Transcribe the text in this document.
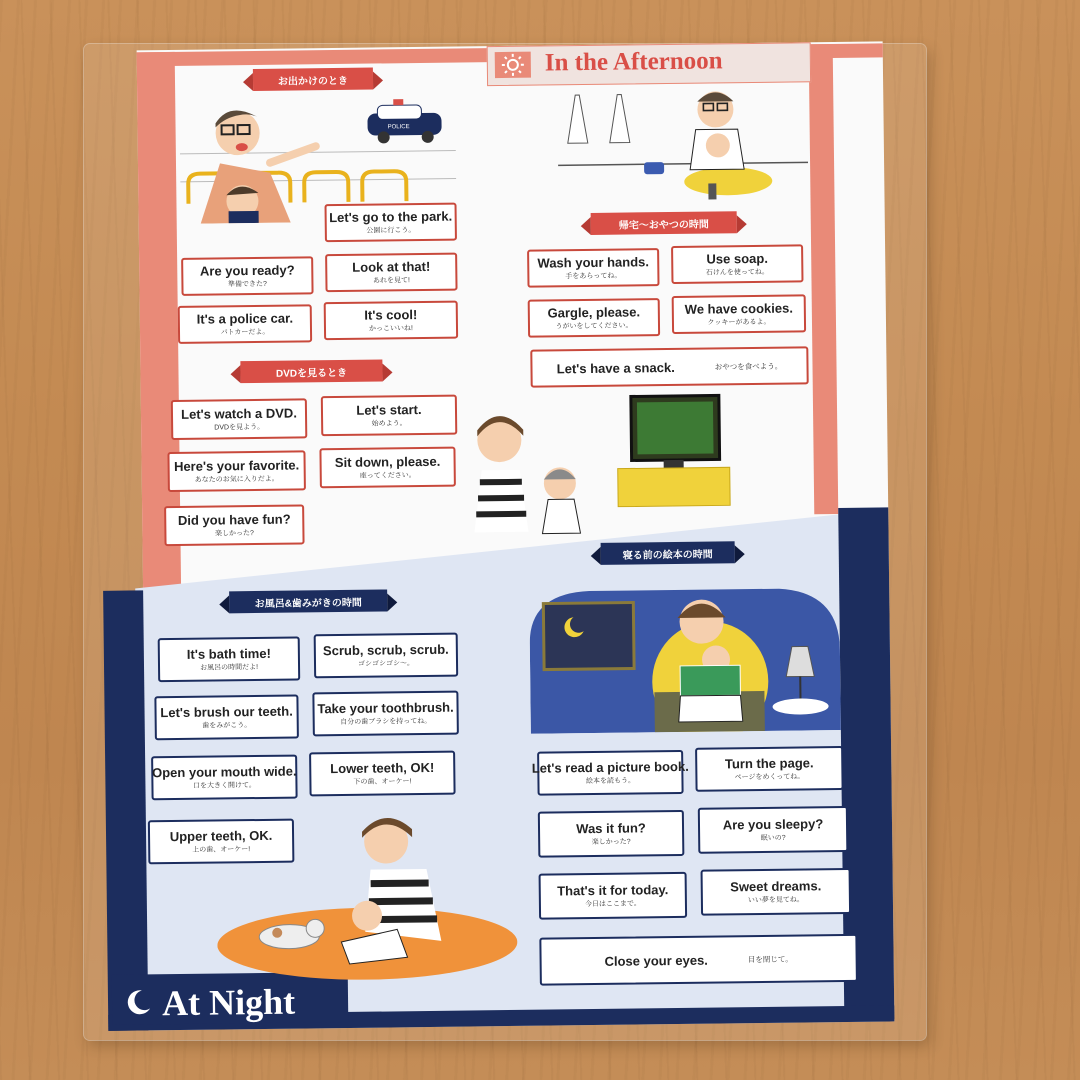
In the Afternoon
At Night
お出かけのとき
帰宅〜おやつの時間
DVDを見るとき
お風呂&歯みがきの時間
寝る前の絵本の時間
Let's go to the park.
公園に行こう。
Are you ready?
準備できた?
Look at that!
あれを見て!
It's a police car.
パトカーだよ。
It's cool!
かっこいいね!
Wash your hands.
手をあらってね。
Use soap.
石けんを使ってね。
Gargle, please.
うがいをしてください。
We have cookies.
クッキーがあるよ。
Let's have a snack.	おやつを食べよう。
Let's watch a DVD.
DVDを見よう。
Let's start.
始めよう。
Here's your favorite.
あなたのお気に入りだよ。
Sit down, please.
座ってください。
Did you have fun?
楽しかった?
It's bath time!
お風呂の時間だよ!
Scrub, scrub, scrub.
ゴシゴシゴシ〜。
Let's brush our teeth.
歯をみがこう。
Take your toothbrush.
自分の歯ブラシを持ってね。
Open your mouth wide.
口を大きく開けて。
Lower teeth, OK!
下の歯、オーケー!
Upper teeth, OK.
上の歯、オーケー!
Let's read a picture book.
絵本を読もう。
Turn the page.
ページをめくってね。
Was it fun?
楽しかった?
Are you sleepy?
眠いの?
That's it for today.
今日はここまで。
Sweet dreams.
いい夢を見てね。
Close your eyes.	目を閉じて。
POLICE
